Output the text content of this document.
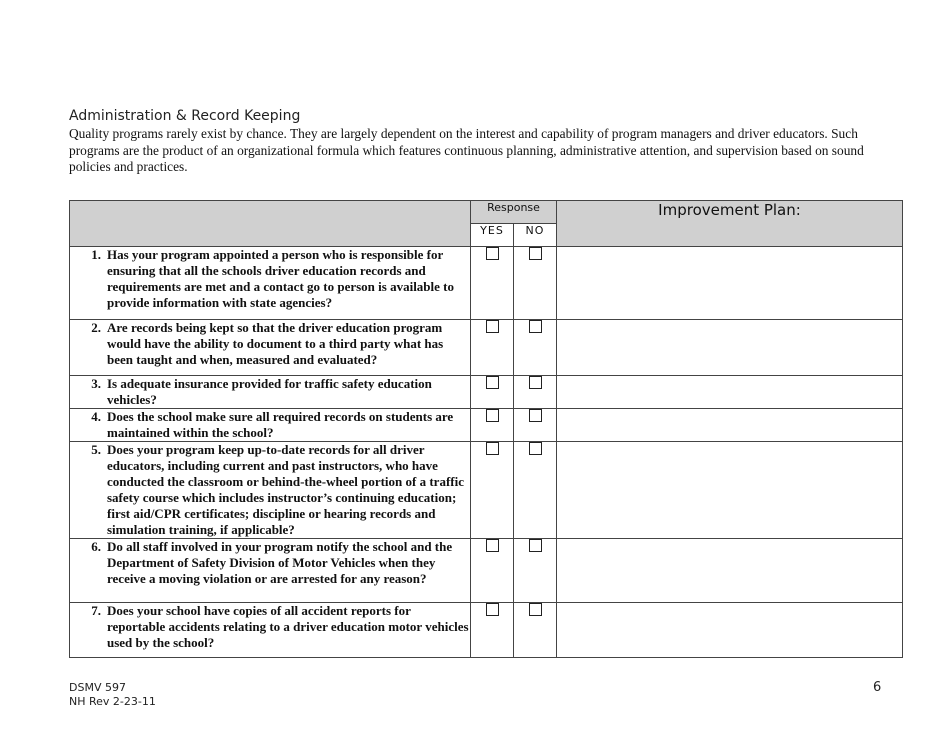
Administration & Record Keeping
Quality programs rarely exist by chance. They are largely dependent on the interest and capability of program managers and driver educators. Such programs are the product of an organizational formula which features continuous planning, administrative attention, and supervision based on sound policies and practices.
	Response		Improvement Plan:
	YES	NO	

1. Has your program appointed a person who is responsible for ensuring that all the schools driver education records and requirements are met and a contact go to person is available to provide information with state agencies?			

2. Are records being kept so that the driver education program would have the ability to document to a third party what has been taught and when, measured and evaluated?			

3. Is adequate insurance provided for traffic safety education vehicles?			

4. Does the school make sure all required records on students are maintained within the school?			

5. Does your program keep up-to-date records for all driver educators, including current and past instructors, who have conducted the classroom or behind-the-wheel portion of a traffic safety course which includes instructor’s continuing education; first aid/CPR certificates; discipline or hearing records and simulation training, if applicable?			

6. Do all staff involved in your program notify the school and the Department of Safety Division of Motor Vehicles when they receive a moving violation or are arrested for any reason?			

7. Does your school have copies of all accident reports for reportable accidents relating to a driver education motor vehicles used by the school?			

DSMV 597
NH Rev 2-23-11
6
